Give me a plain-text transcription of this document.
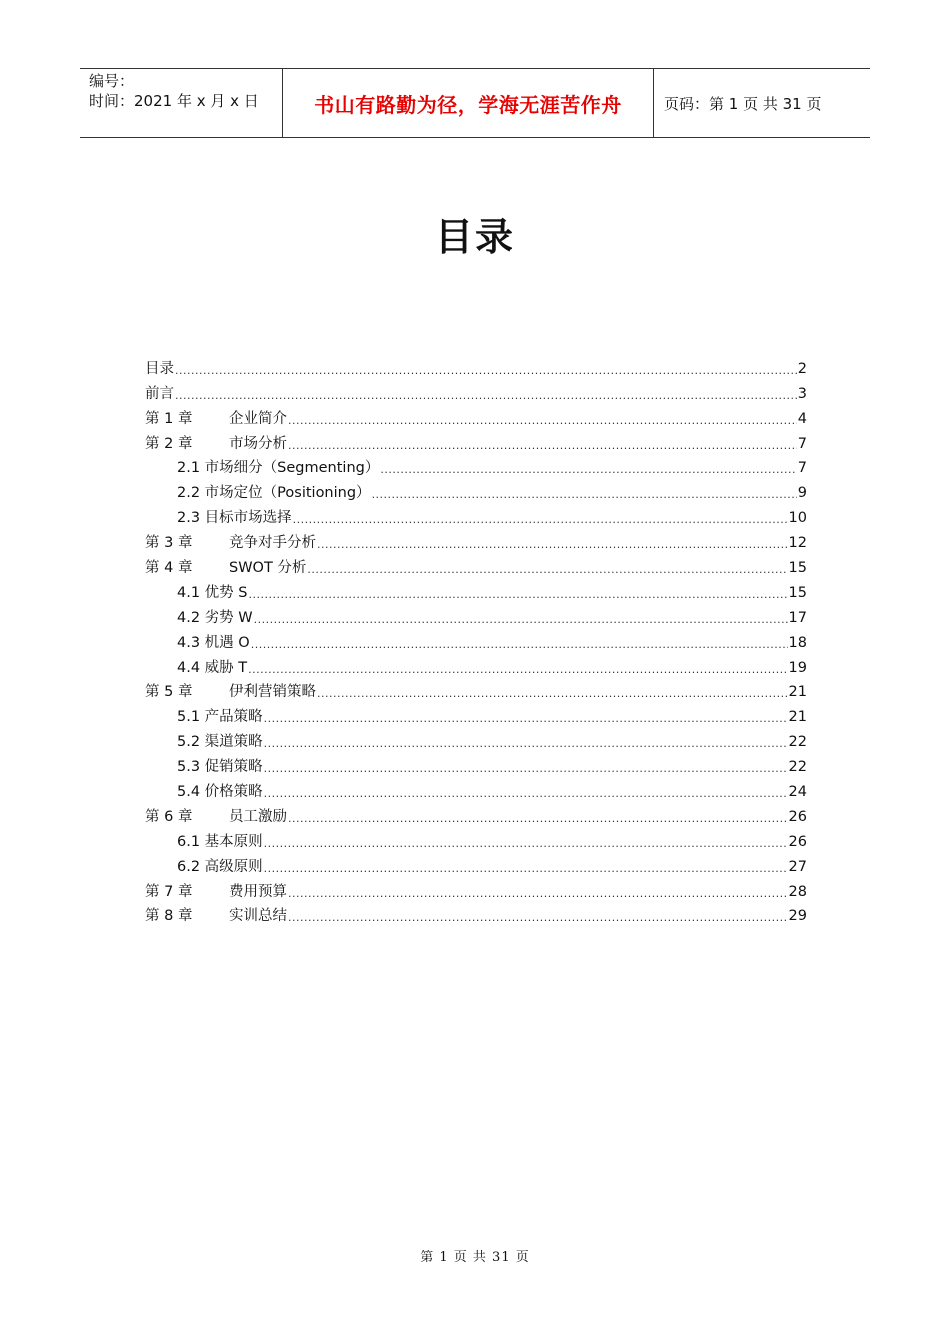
编号：
时间：2021 年 x 月 x 日	书山有路勤为径，学海无涯苦作舟	页码：第 1 页 共 31 页
目录
目录 .....	2
前言 .....	3
第 1 章	企业简介 .....	4
第 2 章	市场分析 .....	7
2.1 市场细分（Segmenting） .....	7
2.2 市场定位（Positioning） .....	9
2.3 目标市场选择 .....	10
第 3 章	竞争对手分析 .....	12
第 4 章	SWOT 分析 .....	15
4.1 优势 S .....	15
4.2 劣势 W .....	17
4.3 机遇 O .....	18
4.4 威胁 T .....	19
第 5 章	伊利营销策略 .....	21
5.1 产品策略 .....	21
5.2 渠道策略 .....	22
5.3 促销策略 .....	22
5.4 价格策略 .....	24
第 6 章	员工激励 .....	26
6.1 基本原则 .....	26
6.2 高级原则 .....	27
第 7 章	费用预算 .....	28
第 8 章	实训总结 .....	29
第 1 页 共 31 页
